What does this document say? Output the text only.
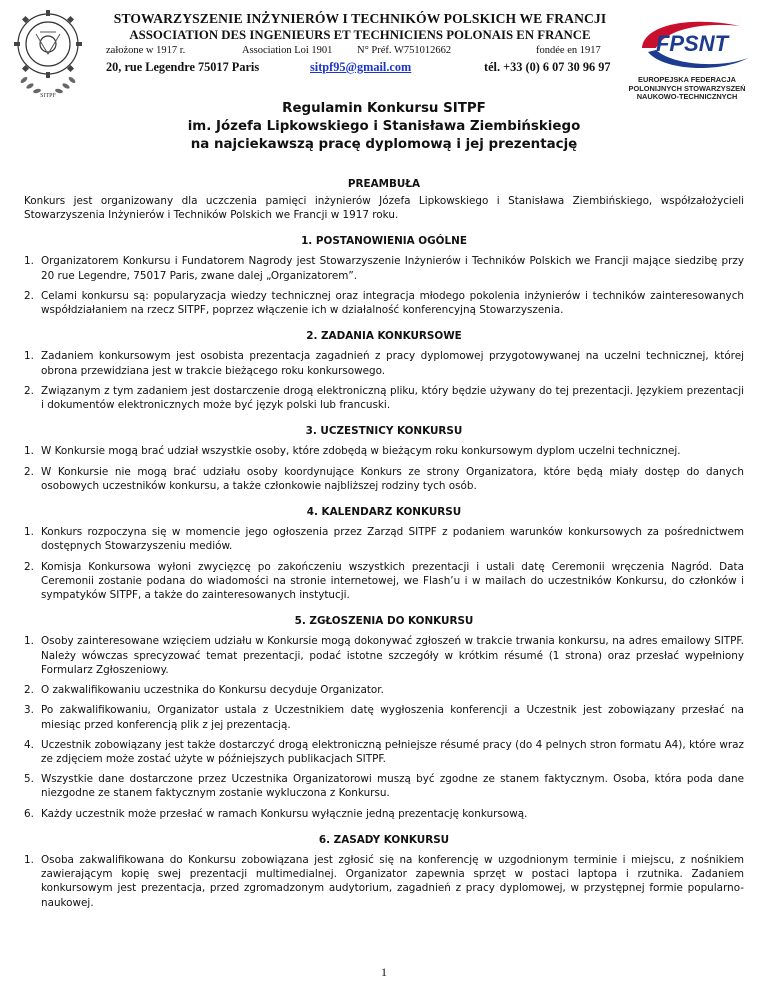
SITPF
STOWARZYSZENIE INŻYNIERÓW I TECHNIKÓW POLSKICH WE FRANCJI
ASSOCIATION DES INGENIEURS ET TECHNICIENS POLONAIS EN FRANCE
założone w 1917 r.	Association Loi 1901 N° Préf. W751012662	fondée en 1917
20, rue Legendre 75017 Paris	sitpf95@gmail.com	tél. +33 (0) 6 07 30 96 97
FPSNT
EUROPEJSKA FEDERACJA
POLONIJNYCH STOWARZYSZEŃ
NAUKOWO-TECHNICZNYCH
Regulamin Konkursu SITPF
im. Józefa Lipkowskiego i Stanisława Ziembińskiego
na najciekawszą pracę dyplomową i jej prezentację
PREAMBUŁA
Konkurs jest organizowany dla uczczenia pamięci inżynierów Józefa Lipkowskiego i Stanisława Ziembińskiego, współzałożycieli Stowarzyszenia Inżynierów i Techników Polskich we Francji w 1917 roku.
1. POSTANOWIENIA OGÓLNE
1. Organizatorem Konkursu i Fundatorem Nagrody jest Stowarzyszenie Inżynierów i Techników Polskich we Francji mające siedzibę przy 20 rue Legendre, 75017 Paris, zwane dalej „Organizatorem”.
2. Celami konkursu są: popularyzacja wiedzy technicznej oraz integracja młodego pokolenia inżynierów i techników zainteresowanych współdziałaniem na rzecz SITPF, poprzez włączenie ich w działalność konferencyjną Stowarzyszenia.
2. ZADANIA KONKURSOWE
1. Zadaniem konkursowym jest osobista prezentacja zagadnień z pracy dyplomowej przygotowywanej na uczelni technicznej, której obrona przewidziana jest w trakcie bieżącego roku konkursowego.
2. Związanym z tym zadaniem jest dostarczenie drogą elektroniczną pliku, który będzie używany do tej prezentacji. Językiem prezentacji i dokumentów elektronicznych może być język polski lub francuski.
3. UCZESTNICY KONKURSU
1. W Konkursie mogą brać udział wszystkie osoby, które zdobędą w bieżącym roku konkursowym dyplom uczelni technicznej.
2. W Konkursie nie mogą brać udziału osoby koordynujące Konkurs ze strony Organizatora, które będą miały dostęp do danych osobowych uczestników konkursu, a także członkowie najbliższej rodziny tych osób.
4. KALENDARZ KONKURSU
1. Konkurs rozpoczyna się w momencie jego ogłoszenia przez Zarząd SITPF z podaniem warunków konkursowych za pośrednictwem dostępnych Stowarzyszeniu mediów.
2. Komisja Konkursowa wyłoni zwycięzcę po zakończeniu wszystkich prezentacji i ustali datę Ceremonii wręczenia Nagród. Data Ceremonii zostanie podana do wiadomości na stronie internetowej, we Flash’u i w mailach do uczestników Konkursu, do członków i sympatyków SITPF, a także do zainteresowanych instytucji.
5. ZGŁOSZENIA DO KONKURSU
1. Osoby zainteresowane wzięciem udziału w Konkursie mogą dokonywać zgłoszeń w trakcie trwania konkursu, na adres emailowy SITPF. Należy wówczas sprecyzować temat prezentacji, podać istotne szczegóły w krótkim résumé (1 strona) oraz przesłać wypełniony Formularz Zgłoszeniowy.
2. O zakwalifikowaniu uczestnika do Konkursu decyduje Organizator.
3. Po zakwalifikowaniu, Organizator ustala z Uczestnikiem datę wygłoszenia konferencji a Uczestnik jest zobowiązany przesłać na miesiąc przed konferencją plik z jej prezentacją.
4. Uczestnik zobowiązany jest także dostarczyć drogą elektroniczną pełniejsze résumé pracy (do 4 pelnych stron formatu A4), które wraz ze zdjęciem może zostać użyte w późniejszych publikacjach SITPF.
5. Wszystkie dane dostarczone przez Uczestnika Organizatorowi muszą być zgodne ze stanem faktycznym. Osoba, która poda dane niezgodne ze stanem faktycznym zostanie wykluczona z Konkursu.
6. Każdy uczestnik może przesłać w ramach Konkursu wyłącznie jedną prezentację konkursową.
6. ZASADY KONKURSU
1. Osoba zakwalifikowana do Konkursu zobowiązana jest zgłosić się na konferencję w uzgodnionym terminie i miejscu, z nośnikiem zawierającym kopię swej prezentacji multimedialnej. Organizator zapewnia sprzęt w postaci laptopa i rzutnika. Zadaniem konkursowym jest prezentacja, przed zgromadzonym audytorium, zagadnień z pracy dyplomowej, w przystępnej formie popularno-naukowej.
1
